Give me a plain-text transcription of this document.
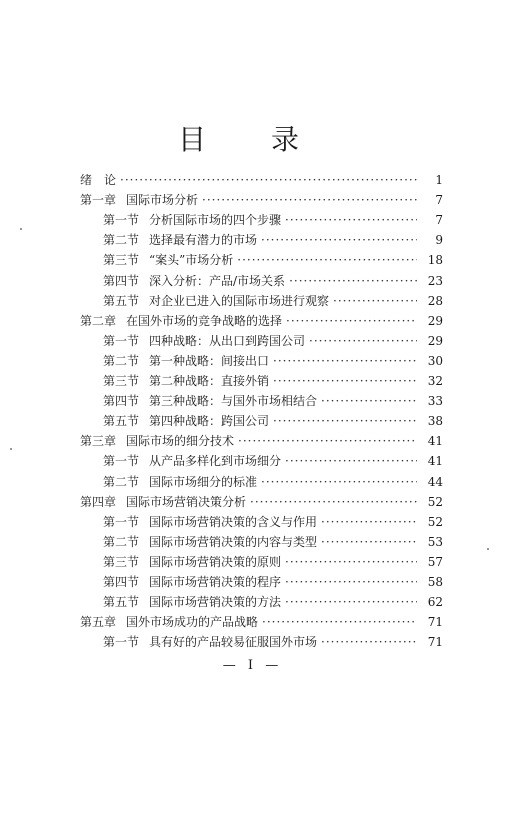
目 录
绪　论 ·····	1
第一章 国际市场分析 ·····	7
第一节 分析国际市场的四个步骤 ·····	7
第二节 选择最有潜力的市场 ·····	9
第三节 “案头”市场分析 ·····	18
第四节 深入分析：产品/市场关系 ·····	23
第五节 对企业已进入的国际市场进行观察 ·····	28
第二章 在国外市场的竞争战略的选择 ·····	29
第一节 四种战略：从出口到跨国公司 ·····	29
第二节 第一种战略：间接出口 ·····	30
第三节 第二种战略：直接外销 ·····	32
第四节 第三种战略：与国外市场相结合 ·····	33
第五节 第四种战略：跨国公司 ·····	38
第三章 国际市场的细分技术 ·····	41
第一节 从产品多样化到市场细分 ·····	41
第二节 国际市场细分的标准 ·····	44
第四章 国际市场营销决策分析 ·····	52
第一节 国际市场营销决策的含义与作用 ·····	52
第二节 国际市场营销决策的内容与类型 ·····	53
第三节 国际市场营销决策的原则 ·····	57
第四节 国际市场营销决策的程序 ·····	58
第五节 国际市场营销决策的方法 ·····	62
第五章 国外市场成功的产品战略 ·····	71
第一节 具有好的产品较易征服国外市场 ·····	71
— I —
